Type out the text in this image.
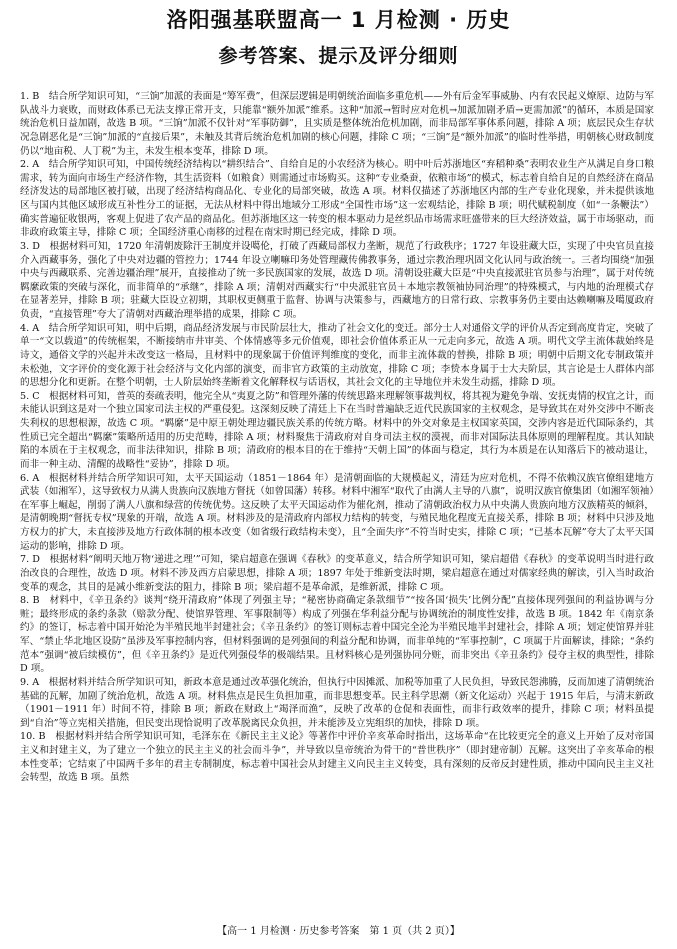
洛阳强基联盟高一 1 月检测 · 历史
参考答案、提示及评分细则

1. B　结合所学知识可知，“三饷”加派的表面是“筹军费”，但深层逻辑是明朝统治面临多重危机——外有后金军事威胁、内有农民起义燎原、边防与军队战斗力衰败，而财政体系已无法支撑正常开支，只能靠“额外加派”维系。这种“加派→暂时应对危机→加派加剧矛盾→更需加派”的循环，本质是国家统治危机日益加剧，故选 B 项。“三饷”加派不仅针对“军事防御”，且实质是整体统治危机加剧，而非局部军事体系问题，排除 A 项；底层民众生存状况急剧恶化是“三饷”加派的“直接后果”，未触及其背后统治危机加剧的核心问题，排除 C 项；“三饷”是“额外加派”的临时性举措，明朝核心财政制度仍以“地亩税、人丁税”为主，未发生根本变革，排除 D 项。

2. A　结合所学知识可知，中国传统经济结构以“耕织结合”、自给自足的小农经济为核心。明中叶后苏浙地区“弃稻种桑”表明农业生产从满足自身口粮需求，转为面向市场生产经济作物，其生活资料（如粮食）则需通过市场购买。这种“专业桑蚕，依粮市场”的模式，标志着自给自足的自然经济在商品经济发达的局部地区被打破，出现了经济结构商品化、专业化的局部突破，故选 A 项。材料仅描述了苏浙地区内部的生产专业化现象，并未提供该地区与国内其他区域形成互补性分工的证据，无法从材料中得出地域分工形成“全国性市场”这一宏观结论，排除 B 项；明代赋税制度（如“一条鞭法”）确实普遍征收银两，客观上促进了农产品的商品化。但苏浙地区这一转变的根本驱动力是丝织品市场需求旺盛带来的巨大经济效益，属于市场驱动，而非政府政策主导，排除 C 项；全国经济重心南移的过程在南宋时期已经完成，排除 D 项。

3. D　根据材料可知，1720 年清朝废除汗王制度并设噶伦，打破了西藏局部权力垄断，规范了行政秩序；1727 年设驻藏大臣，实现了中央官员直接介入西藏事务，强化了中央对边疆的管控力；1744 年设立喇嘛印务处管理藏传佛教事务，通过宗教治理巩固文化认同与政治统一。三者均围绕“加强中央与西藏联系、完善边疆治理”展开，直接推动了统一多民族国家的发展，故选 D 项。清朝设驻藏大臣是“中央直接派驻官员参与治理”，属于对传统羁縻政策的突破与深化，而非简单的“承继”，排除 A 项；清朝对西藏实行“中央派驻官员＋本地宗教领袖协同治理”的特殊模式，与内地的治理模式存在显著差异，排除 B 项；驻藏大臣设立初期，其职权更侧重于监督、协调与决策参与，西藏地方的日常行政、宗教事务仍主要由达赖喇嘛及噶厦政府负责，“直接管理”夸大了清朝对西藏治理举措的成果，排除 C 项。

4. A　结合所学知识可知，明中后期，商品经济发展与市民阶层壮大，推动了社会文化的变迁。部分士人对通俗文学的评价从否定到高度肯定，突破了单一“文以载道”的传统框架，不断接纳市井审美、个体情感等多元价值观，即社会价值体系正从一元走向多元，故选 A 项。明代文学主流体裁始终是诗文，通俗文学的兴起并未改变这一格局，且材料中的现象属于价值评判维度的变化，而非主流体裁的替换，排除 B 项；明朝中后期文化专制政策并未松弛，文字评价的变化源于社会经济与文化内部的演变，而非官方政策的主动放宽，排除 C 项；李贽本身属于士大夫阶层，其言论是士人群体内部的思想分化和更新。在整个明朝，士人阶层始终垄断着文化解释权与话语权，其社会文化的主导地位并未发生动摇，排除 D 项。

5. C　根据材料可知，普英的奏疏表明，他完全从“夷夏之防”和管理外藩的传统思路来理解领事裁判权，将其视为避免争端、安抚夷情的权宜之计，而未能认识到这是对一个独立国家司法主权的严重侵犯。这深刻反映了清廷上下在当时普遍缺乏近代民族国家的主权观念，是导致其在对外交涉中不断丧失利权的思想根源，故选 C 项。“羁縻”是中原王朝处理边疆民族关系的传统方略。材料中的外交对象是主权国家英国，交涉内容是近代国际条约，其性质已完全超出“羁縻”策略所适用的历史范畴，排除 A 项；材料聚焦于清政府对自身司法主权的漠视，而非对国际法具体原则的理解程度。其认知缺陷的本质在于主权观念，而非法律知识，排除 B 项；清政府的根本目的在于维持“天朝上国”的体面与稳定，其行为本质是在认知落后下的被动退让，而非一种主动、清醒的战略性“妥协”，排除 D 项。

6. A　根据材料并结合所学知识可知，太平天国运动（1851－1864 年）是清朝面临的大规模起义，清廷为应对危机，不得不依赖汉族官僚组建地方武装（如湘军），这导致权力从满人贵族向汉族地方督抚（如曾国藩）转移。材料中湘军“取代了由满人主导的八旗”，说明汉族官僚集团（如湘军领袖）在军事上崛起，削弱了满人八旗和绿营的传统优势。这反映了太平天国运动作为催化剂，推动了清朝政治权力从中央满人贵族向地方汉族精英的倾斜，是清朝晚期“督抚专权”现象的开端，故选 A 项。材料涉及的是清政府内部权力结构的转变，与殖民地化程度无直接关系，排除 B 项；材料中只涉及地方权力的扩大，未直接涉及地方行政体制的根本改变（如省级行政结构未变），且“全面失序”不符当时史实，排除 C 项；“已基本瓦解”夸大了太平天国运动的影响，排除 D 项。

7. D　根据材料“阐明天地万物‘递进之理’”可知，梁启超意在强调《春秋》的变革意义，结合所学知识可知，梁启超借《春秋》的变革说明当时进行政治改良的合理性，故选 D 项。材料不涉及西方启蒙思想，排除 A 项；1897 年处于维新变法时期，梁启超意在通过对儒家经典的解读，引入当时政治变革的观念，其目的是减小维新变法的阻力，排除 B 项；梁启超不是革命派，是维新派，排除 C 项。

8. B　材料中，《辛丑条约》谈判“绕开清政府”体现了列强主导；“秘密协商确定条款细节”“按各国‘损失’比例分配”直接体现列强间的利益协调与分赃；最终形成的条约条款（赔款分配、使馆界管理、军事限制等）构成了列强在华利益分配与协调统治的制度性安排，故选 B 项。1842 年《南京条约》的签订，标志着中国开始沦为半殖民地半封建社会；《辛丑条约》的签订则标志着中国完全沦为半殖民地半封建社会，排除 A 项；划定使馆界并驻军、“禁止华北地区设防”虽涉及军事控制内容，但材料强调的是列强间的利益分配和协调，而非单纯的“军事控制”，C 项属于片面解读，排除；“条约范本”强调“被后续模仿”，但《辛丑条约》是近代列强侵华的极端结果。且材料核心是列强协同分赃，而非突出《辛丑条约》侵夺主权的典型性，排除 D 项。

9. A　根据材料并结合所学知识可知，新政本意是通过改革强化统治，但执行中因摊派、加税等加重了人民负担，导致民怨沸腾，反而加速了清朝统治基础的瓦解，加剧了统治危机，故选 A 项。材料焦点是民生负担加重，而非思想变革。民主科学思潮（新文化运动）兴起于 1915 年后，与清末新政（1901－1911 年）时间不符，排除 B 项；新政在财政上“竭泽而渔”，反映了改革的仓促和表面性，而非行政效率的提升，排除 C 项；材料虽提到“自治”等立宪相关措施，但民变出现恰说明了改革脱离民众负担，并未能涉及立宪组织的加快，排除 D 项。

10. B　根据材料并结合所学知识可知，毛泽东在《新民主主义论》等著作中评价辛亥革命时指出，这场革命“在比较更完全的意义上开始了反对帝国主义和封建主义，为了建立一个独立的民主主义的社会而斗争”，并导致以皇帝统治为骨干的“普世秩序”（即封建帝制）瓦解。这突出了辛亥革命的根本性变革；它结束了中国两千多年的君主专制制度，标志着中国社会从封建主义向民主主义转变，具有深刻的反帝反封建性质，推动中国向民主主义社会转型，故选 B 项。虽然

【高一 1 月检测 · 历史参考答案　第 1 页（共 2 页）】
